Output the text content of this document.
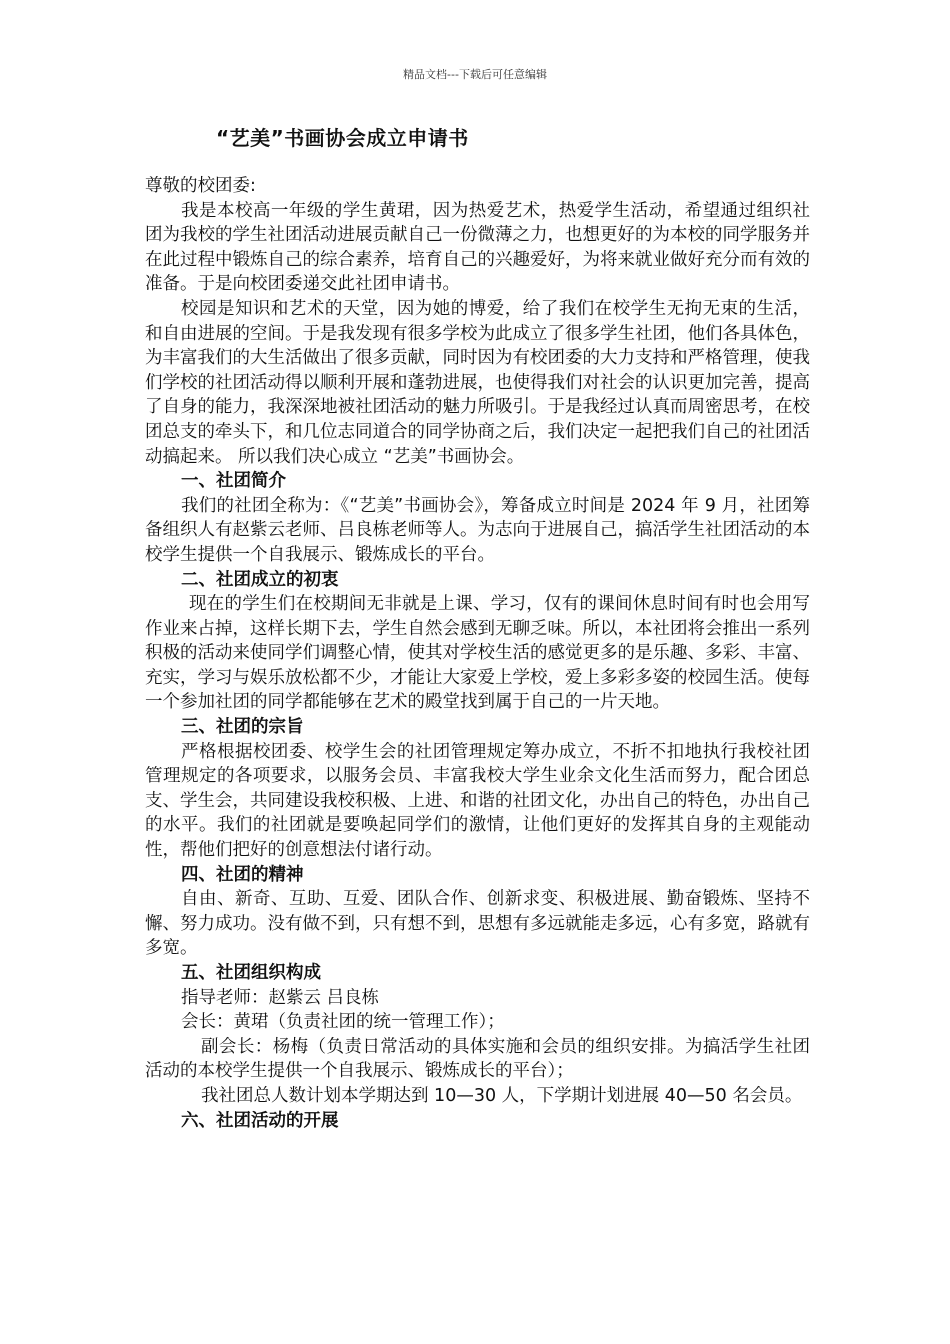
精品文档---下载后可任意编辑
“艺美”书画协会成立申请书

尊敬的校团委:

我是本校高一年级的学生黄珺，因为热爱艺术，热爱学生活动，希望通过组织社团为我校的学生社团活动进展贡献自己一份微薄之力，也想更好的为本校的同学服务并在此过程中锻炼自己的综合素养，培育自己的兴趣爱好，为将来就业做好充分而有效的准备。于是向校团委递交此社团申请书。

校园是知识和艺术的天堂，因为她的博爱，给了我们在校学生无拘无束的生活，和自由进展的空间。于是我发现有很多学校为此成立了很多学生社团，他们各具体色，为丰富我们的大生活做出了很多贡献，同时因为有校团委的大力支持和严格管理，使我们学校的社团活动得以顺利开展和蓬勃进展，也使得我们对社会的认识更加完善，提高了自身的能力，我深深地被社团活动的魅力所吸引。于是我经过认真而周密思考，在校团总支的牵头下，和几位志同道合的同学协商之后，我们决定一起把我们自己的社团活动搞起来。 所以我们决心成立 “艺美”书画协会。

一、社团简介

我们的社团全称为：《“艺美”书画协会》，筹备成立时间是 2024 年 9 月，社团筹备组织人有赵紫云老师、吕良栋老师等人。为志向于进展自己，搞活学生社团活动的本校学生提供一个自我展示、锻炼成长的平台。

二、社团成立的初衷

现在的学生们在校期间无非就是上课、学习，仅有的课间休息时间有时也会用写作业来占掉，这样长期下去，学生自然会感到无聊乏味。所以，本社团将会推出一系列积极的活动来使同学们调整心情，使其对学校生活的感觉更多的是乐趣、多彩、丰富、充实，学习与娱乐放松都不少，才能让大家爱上学校，爱上多彩多姿的校园生活。使每一个参加社团的同学都能够在艺术的殿堂找到属于自己的一片天地。

三、社团的宗旨

严格根据校团委、校学生会的社团管理规定筹办成立，不折不扣地执行我校社团管理规定的各项要求，以服务会员、丰富我校大学生业余文化生活而努力，配合团总支、学生会，共同建设我校积极、上进、和谐的社团文化，办出自己的特色，办出自己的水平。我们的社团就是要唤起同学们的激情，让他们更好的发挥其自身的主观能动性，帮他们把好的创意想法付诸行动。

四、社团的精神

自由、新奇、互助、互爱、团队合作、创新求变、积极进展、勤奋锻炼、坚持不懈、努力成功。没有做不到，只有想不到，思想有多远就能走多远，心有多宽，路就有多宽。

五、社团组织构成

指导老师：赵紫云 吕良栋

会长：黄珺（负责社团的统一管理工作）；

副会长：杨梅（负责日常活动的具体实施和会员的组织安排。为搞活学生社团活动的本校学生提供一个自我展示、锻炼成长的平台）；

我社团总人数计划本学期达到 10—30 人，下学期计划进展 40—50 名会员。

六、社团活动的开展
